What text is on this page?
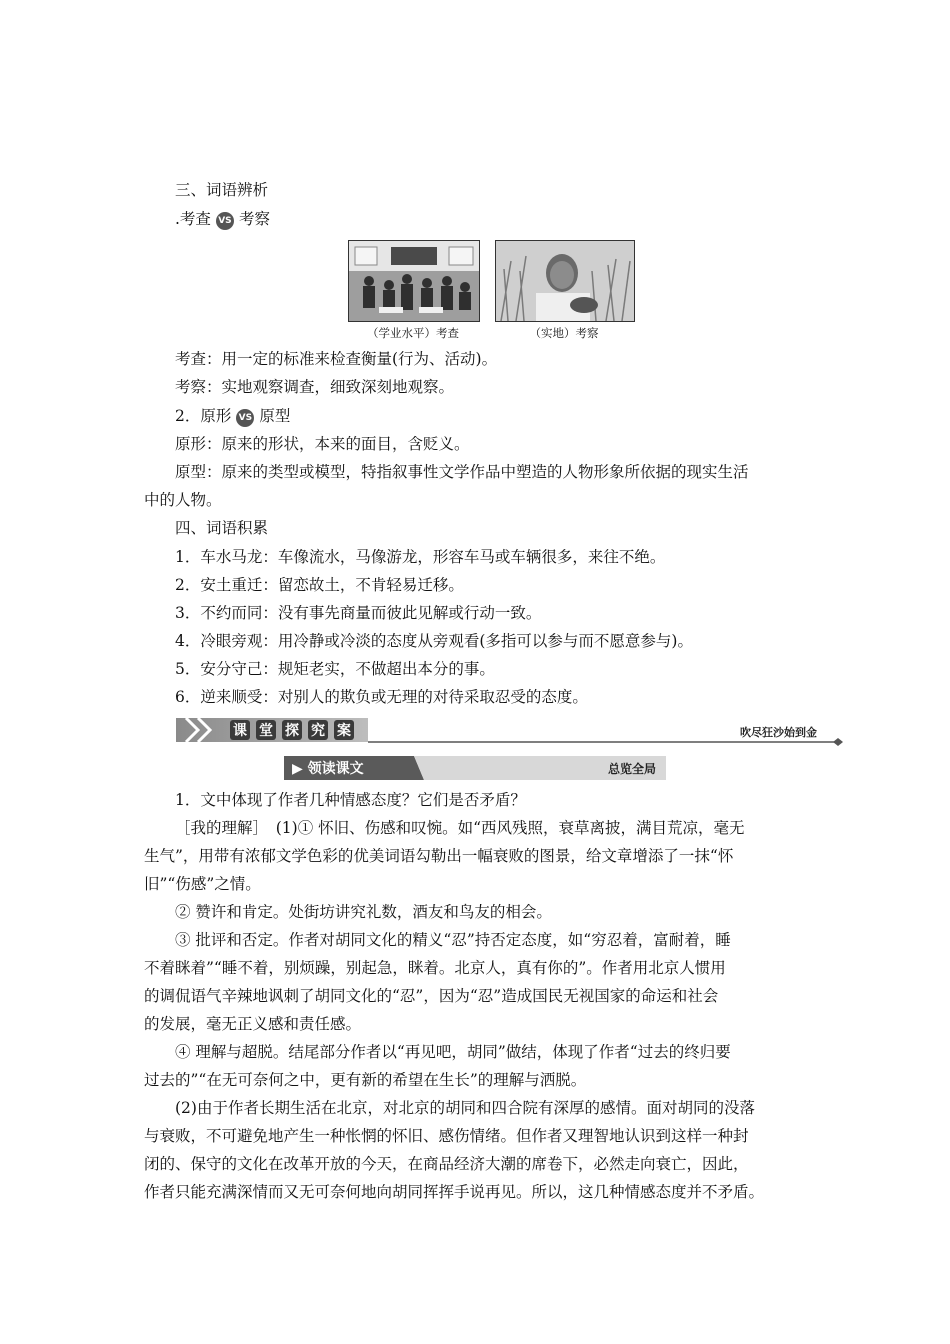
三、词语辨析
.考查 VS 考察
（学业水平）考查	（实地）考察
考查：用一定的标准来检查衡量(行为、活动)。
考察：实地观察调查，细致深刻地观察。
2．原形 VS 原型
原形：原来的形状，本来的面目，含贬义。
原型：原来的类型或模型，特指叙事性文学作品中塑造的人物形象所依据的现实生活
中的人物。
四、词语积累
1．车水马龙：车像流水，马像游龙，形容车马或车辆很多，来往不绝。
2．安土重迁：留恋故土，不肯轻易迁移。
3．不约而同：没有事先商量而彼此见解或行动一致。
4．冷眼旁观：用冷静或冷淡的态度从旁观看(多指可以参与而不愿意参与)。
5．安分守己：规矩老实，不做超出本分的事。
6．逆来顺受：对别人的欺负或无理的对待采取忍受的态度。
课 堂 探 究 案	吹尽狂沙始到金
▶ 领读课文	总览全局
1．文中体现了作者几种情感态度？它们是否矛盾？
［我的理解］　(1)① 怀旧、伤感和叹惋。如“西风残照，衰草离披，满目荒凉，毫无
生气”，用带有浓郁文学色彩的优美词语勾勒出一幅衰败的图景，给文章增添了一抹“怀
旧”“伤感”之情。
② 赞许和肯定。处街坊讲究礼数，酒友和鸟友的相会。
③ 批评和否定。作者对胡同文化的精义“忍”持否定态度，如“穷忍着，富耐着，睡
不着眯着”“睡不着，别烦躁，别起急，眯着。北京人，真有你的”。作者用北京人惯用
的调侃语气辛辣地讽刺了胡同文化的“忍”，因为“忍”造成国民无视国家的命运和社会
的发展，毫无正义感和责任感。
④ 理解与超脱。结尾部分作者以“再见吧，胡同”做结，体现了作者“过去的终归要
过去的”“在无可奈何之中，更有新的希望在生长”的理解与洒脱。
(2)由于作者长期生活在北京，对北京的胡同和四合院有深厚的感情。面对胡同的没落
与衰败，不可避免地产生一种怅惘的怀旧、感伤情绪。但作者又理智地认识到这样一种封
闭的、保守的文化在改革开放的今天，在商品经济大潮的席卷下，必然走向衰亡，因此，
作者只能充满深情而又无可奈何地向胡同挥挥手说再见。所以，这几种情感态度并不矛盾。
